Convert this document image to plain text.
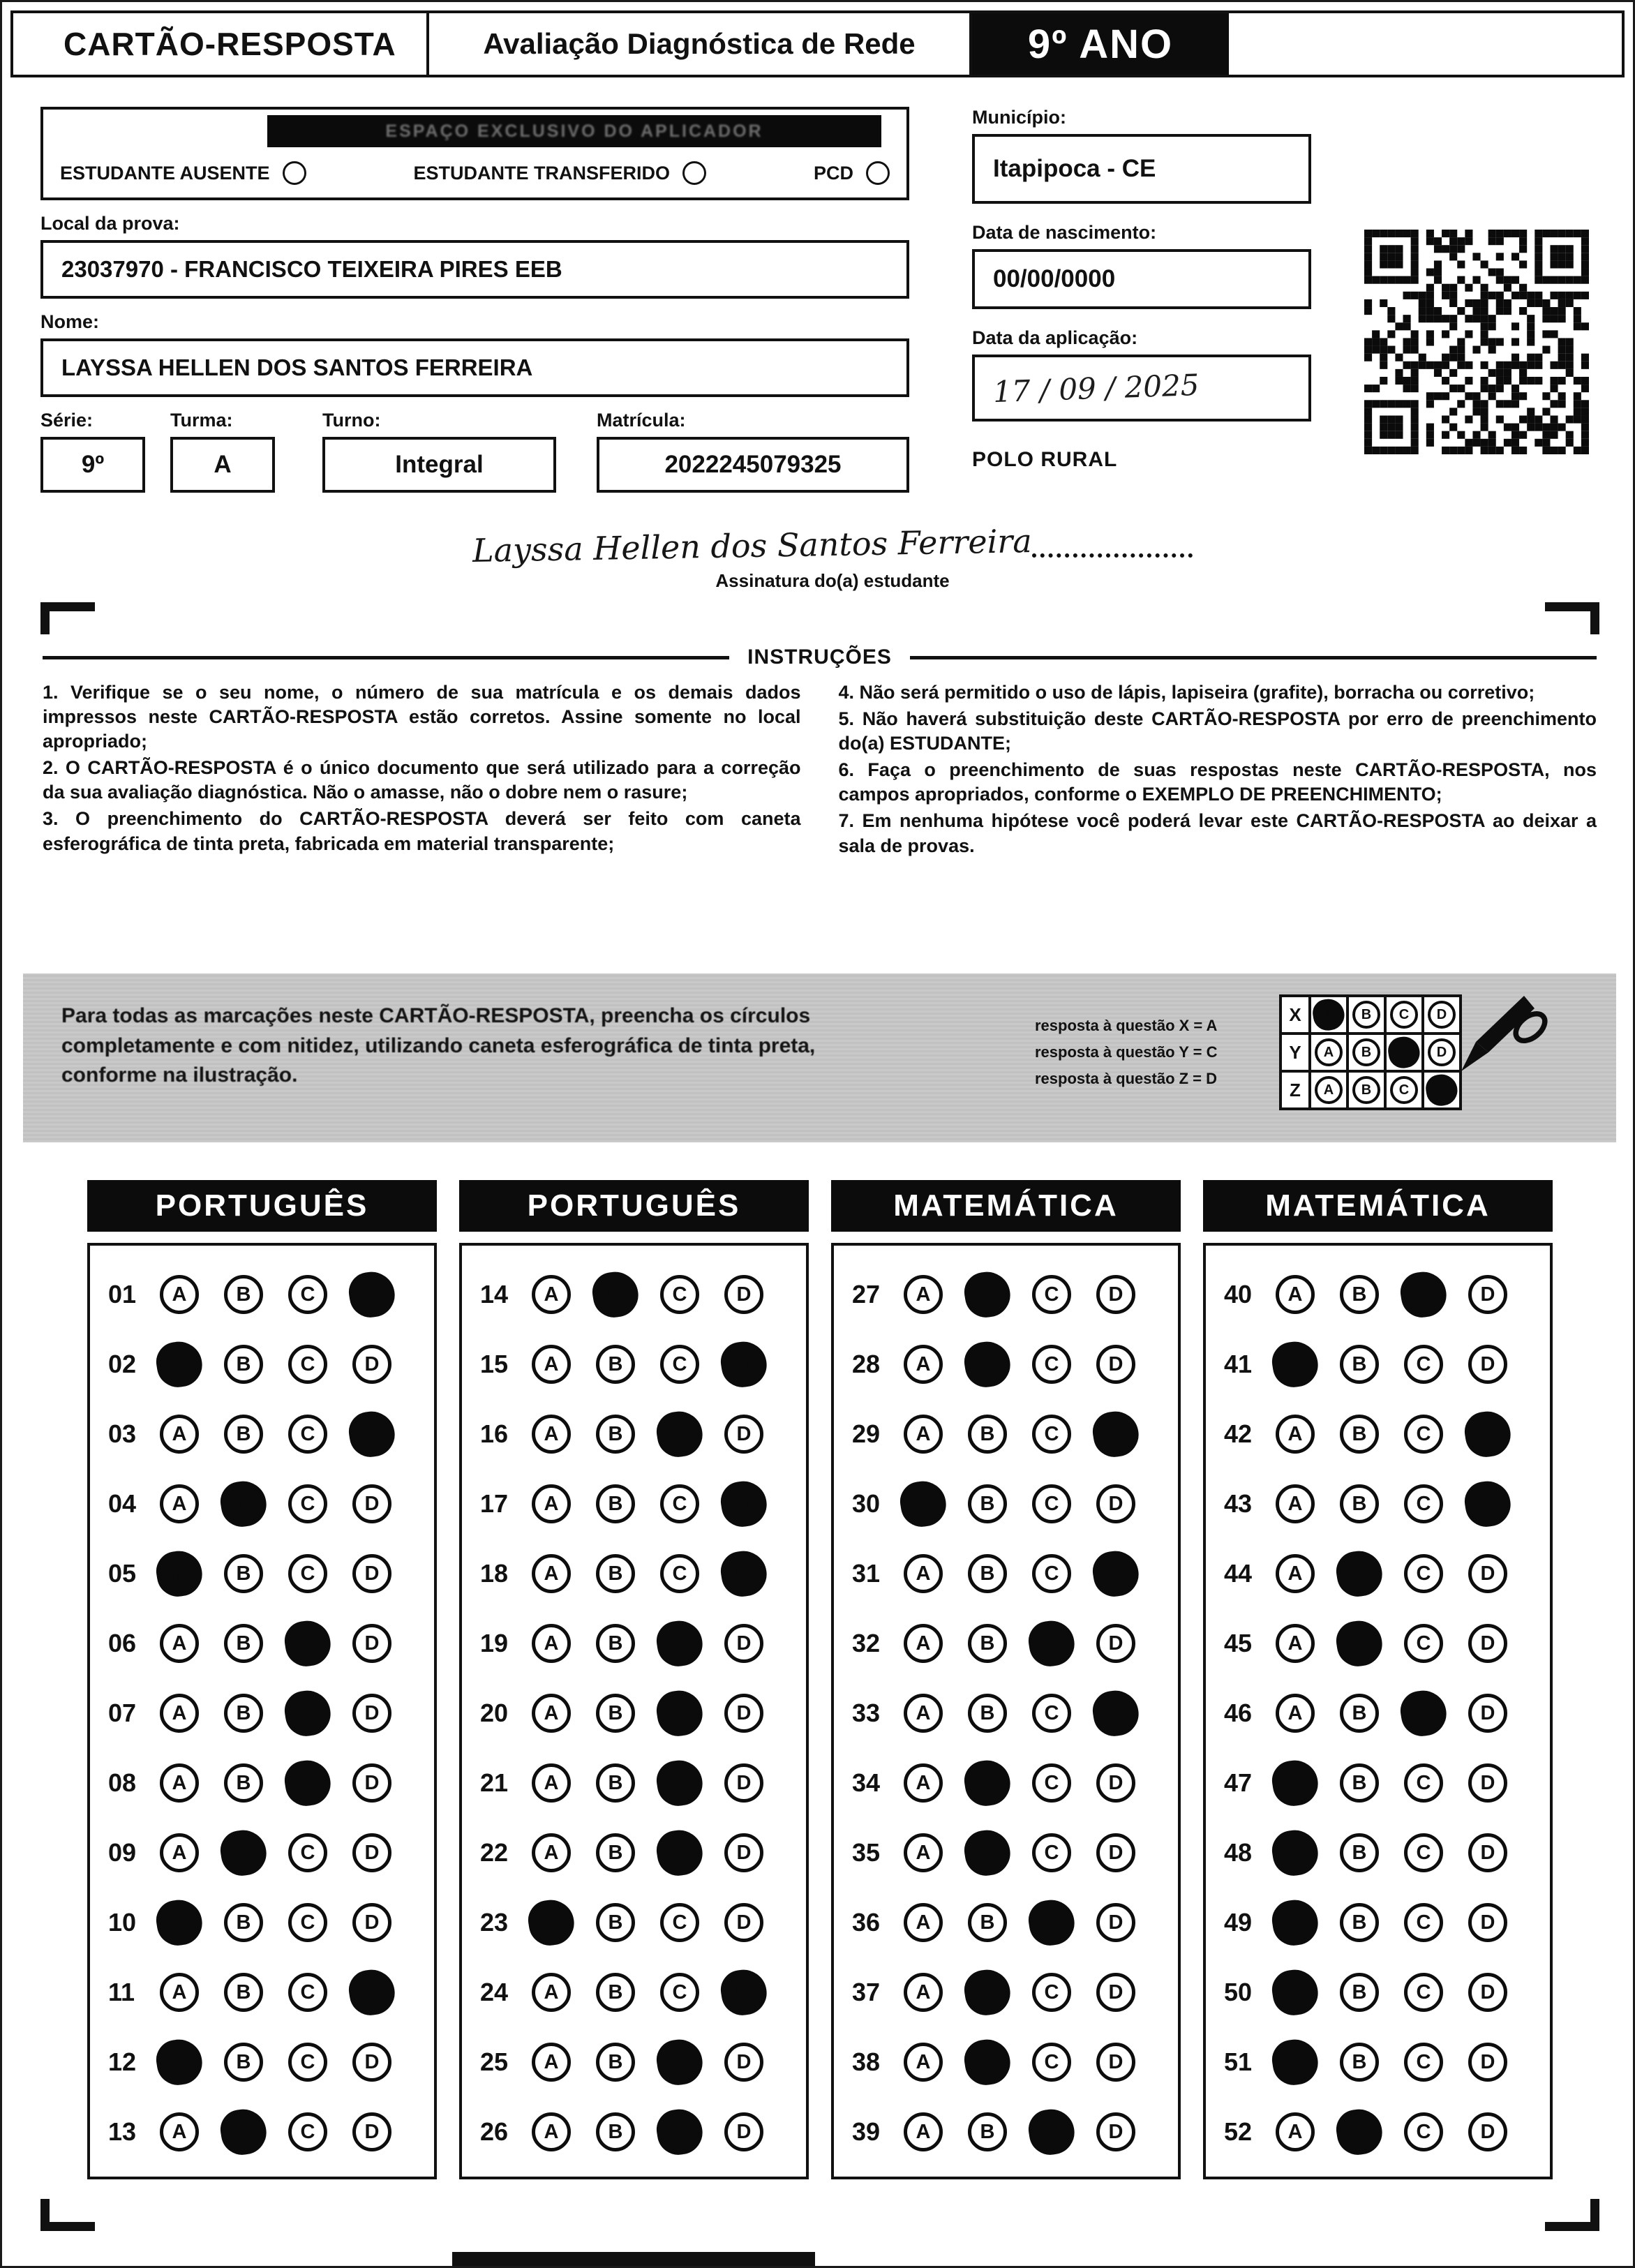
CARTÃO-RESPOSTA	Avaliação Diagnóstica de Rede	9º ANO
ESPAÇO EXCLUSIVO DO APLICADOR
ESTUDANTE AUSENTE	ESTUDANTE TRANSFERIDO	PCD
Local da prova:
23037970 - FRANCISCO TEIXEIRA PIRES EEB
Nome:
LAYSSA HELLEN DOS SANTOS FERREIRA
Série:
9º
Turma:
A
Turno:
Integral
Matrícula:
2022245079325
Município:
Itapipoca - CE
Data de nascimento:
00/00/0000
Data da aplicação:
17 / 09 / 2025
POLO RURAL
Layssa Hellen dos Santos Ferreira
Assinatura do(a) estudante
INSTRUÇÕES

1. Verifique se o seu nome, o número de sua matrícula e os demais dados impressos neste CARTÃO-RESPOSTA estão corretos. Assine somente no local apropriado;

2. O CARTÃO-RESPOSTA é o único documento que será utilizado para a correção da sua avaliação diagnóstica. Não o amasse, não o dobre nem o rasure;

3. O preenchimento do CARTÃO-RESPOSTA deverá ser feito com caneta esferográfica de tinta preta, fabricada em material transparente;

4. Não será permitido o uso de lápis, lapiseira (grafite), borracha ou corretivo;

5. Não haverá substituição deste CARTÃO-RESPOSTA por erro de preenchimento do(a) ESTUDANTE;

6. Faça o preenchimento de suas respostas neste CARTÃO-RESPOSTA, nos campos apropriados, conforme o EXEMPLO DE PREENCHIMENTO;

7. Em nenhuma hipótese você poderá levar este CARTÃO-RESPOSTA ao deixar a sala de provas.

Para todas as marcações neste CARTÃO-RESPOSTA, preencha os círculos completamente e com nitidez, utilizando caneta esferográfica de tinta preta, conforme na ilustração.
resposta à questão X = A
resposta à questão Y = C
resposta à questão Z = D
X	A	B	C	D
Y	A	B	C	D
Z	A	B	C	D
PORTUGUÊS
01	A	B	C	D
02	A	B	C	D
03	A	B	C	D
04	A	B	C	D
05	A	B	C	D
06	A	B	C	D
07	A	B	C	D
08	A	B	C	D
09	A	B	C	D
10	A	B	C	D
11	A	B	C	D
12	A	B	C	D
13	A	B	C	D
PORTUGUÊS
14	A	B	C	D
15	A	B	C	D
16	A	B	C	D
17	A	B	C	D
18	A	B	C	D
19	A	B	C	D
20	A	B	C	D
21	A	B	C	D
22	A	B	C	D
23	A	B	C	D
24	A	B	C	D
25	A	B	C	D
26	A	B	C	D
MATEMÁTICA
27	A	B	C	D
28	A	B	C	D
29	A	B	C	D
30	A	B	C	D
31	A	B	C	D
32	A	B	C	D
33	A	B	C	D
34	A	B	C	D
35	A	B	C	D
36	A	B	C	D
37	A	B	C	D
38	A	B	C	D
39	A	B	C	D
MATEMÁTICA
40	A	B	C	D
41	A	B	C	D
42	A	B	C	D
43	A	B	C	D
44	A	B	C	D
45	A	B	C	D
46	A	B	C	D
47	A	B	C	D
48	A	B	C	D
49	A	B	C	D
50	A	B	C	D
51	A	B	C	D
52	A	B	C	D
